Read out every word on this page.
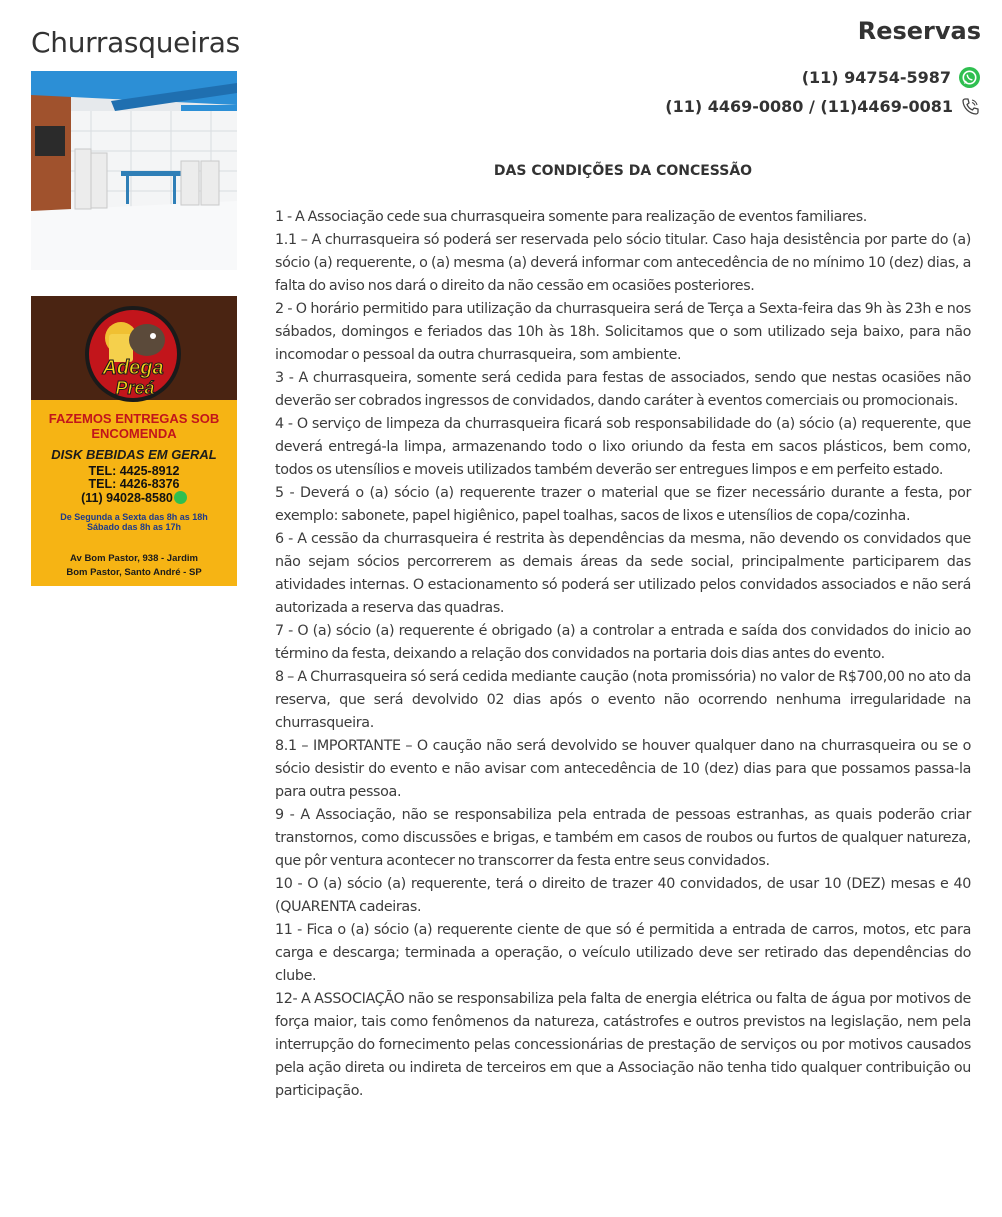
Churrasqueiras
Adega
Preá
FAZEMOS ENTREGAS SOB ENCOMENDA
DISK BEBIDAS EM GERAL
TEL: 4425-8912
TEL: 4426-8376
(11) 94028-8580
De Segunda a Sexta das 8h as 18h
Sábado das 8h as 17h
Av Bom Pastor, 938 - Jardim
Bom Pastor, Santo André - SP
Reservas
(11) 94754-5987
(11) 4469-0080 / (11)4469-0081

DAS CONDIÇÕES DA CONCESSÃO

1 - A Associação cede sua churrasqueira somente para realização de eventos familiares.

1.1 – A churrasqueira só poderá ser reservada pelo sócio titular. Caso haja desistência por parte do (a) sócio (a) requerente, o (a) mesma (a) deverá informar com antecedência de no mínimo 10 (dez) dias, a falta do aviso nos dará o direito da não cessão em ocasiões posteriores.

2 - O horário permitido para utilização da churrasqueira será de Terça a Sexta-feira das 9h às 23h e nos sábados, domingos e feriados das 10h às 18h. Solicitamos que o som utilizado seja baixo, para não incomodar o pessoal da outra churrasqueira, som ambiente.

3 - A churrasqueira, somente será cedida para festas de associados, sendo que nestas ocasiões não deverão ser cobrados ingressos de convidados, dando caráter à eventos comerciais ou promocionais.

4 - O serviço de limpeza da churrasqueira ficará sob responsabilidade do (a) sócio (a) requerente, que deverá entregá-la limpa, armazenando todo o lixo oriundo da festa em sacos plásticos, bem como, todos os utensílios e moveis utilizados também deverão ser entregues limpos e em perfeito estado.

5 - Deverá o (a) sócio (a) requerente trazer o material que se fizer necessário durante a festa, por exemplo: sabonete, papel higiênico, papel toalhas, sacos de lixos e utensílios de copa/cozinha.

6 - A cessão da churrasqueira é restrita às dependências da mesma, não devendo os convidados que não sejam sócios percorrerem as demais áreas da sede social, principalmente participarem das atividades internas. O estacionamento só poderá ser utilizado pelos convidados associados e não será autorizada a reserva das quadras.

7 - O (a) sócio (a) requerente é obrigado (a) a controlar a entrada e saída dos convidados do inicio ao término da festa, deixando a relação dos convidados na portaria dois dias antes do evento.

8 – A Churrasqueira só será cedida mediante caução (nota promissória) no valor de R$700,00 no ato da reserva, que será devolvido 02 dias após o evento não ocorrendo nenhuma irregularidade na churrasqueira.

8.1 – IMPORTANTE – O caução não será devolvido se houver qualquer dano na churrasqueira ou se o sócio desistir do evento e não avisar com antecedência de 10 (dez) dias para que possamos passa-la para outra pessoa.

9 - A Associação, não se responsabiliza pela entrada de pessoas estranhas, as quais poderão criar transtornos, como discussões e brigas, e também em casos de roubos ou furtos de qualquer natureza, que pôr ventura acontecer no transcorrer da festa entre seus convidados.

10 - O (a) sócio (a) requerente, terá o direito de trazer 40 convidados, de usar 10 (DEZ) mesas e 40 (QUARENTA cadeiras.

11 - Fica o (a) sócio (a) requerente ciente de que só é permitida a entrada de carros, motos, etc para carga e descarga; terminada a operação, o veículo utilizado deve ser retirado das dependências do clube.

12- A ASSOCIAÇÃO não se responsabiliza pela falta de energia elétrica ou falta de água por motivos de força maior, tais como fenômenos da natureza, catástrofes e outros previstos na legislação, nem pela interrupção do fornecimento pelas concessionárias de prestação de serviços ou por motivos causados pela ação direta ou indireta de terceiros em que a Associação não tenha tido qualquer contribuição ou participação.
